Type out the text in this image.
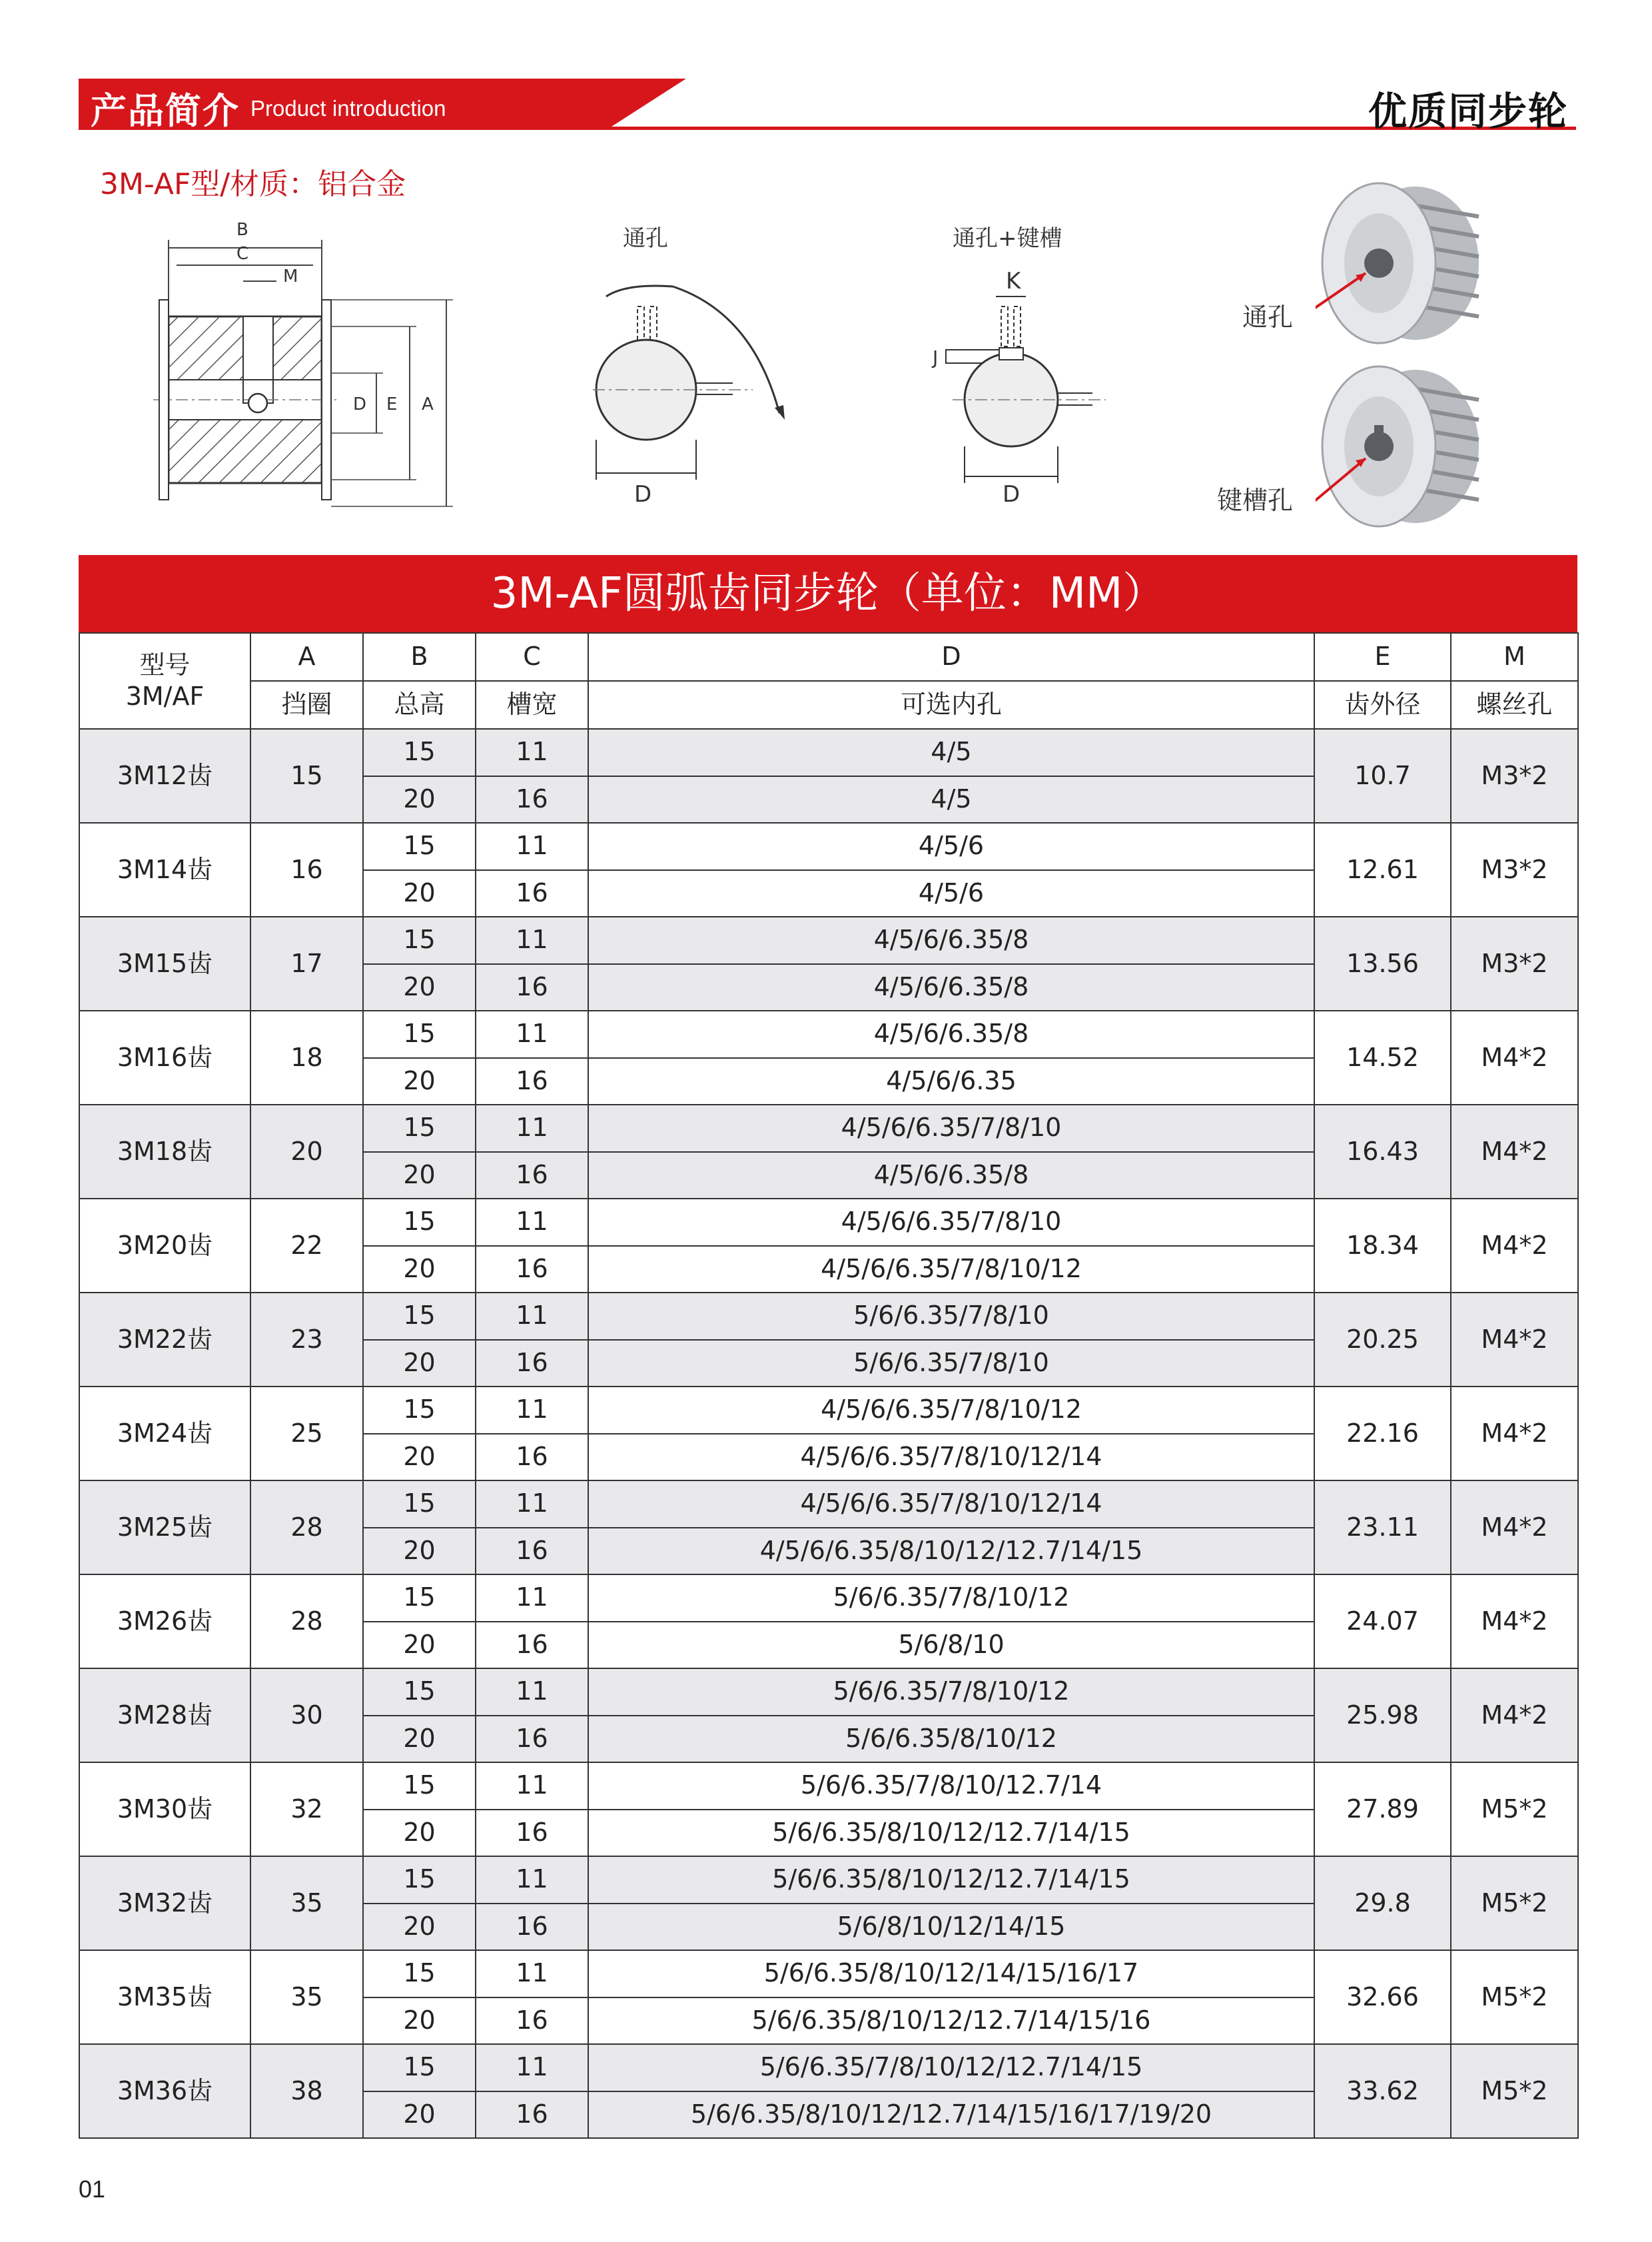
产品简介 Product introduction	优质同步轮
3M-AF型/材质：铝合金
B
C
M
D E A
通孔
D
通孔+键槽
K
J
D
通孔
键槽孔
3M-AF圆弧齿同步轮（单位：MM）
型号
3M/AF	A	B	C	D	E	M
	挡圈	总高	槽宽	可选内孔	齿外径	螺丝孔
3M12齿	15	15	11	4/5	10.7	M3*2
		20	16	4/5		
3M14齿	16	15	11	4/5/6	12.61	M3*2
		20	16	4/5/6		
3M15齿	17	15	11	4/5/6/6.35/8	13.56	M3*2
		20	16	4/5/6/6.35/8		
3M16齿	18	15	11	4/5/6/6.35/8	14.52	M4*2
		20	16	4/5/6/6.35		
3M18齿	20	15	11	4/5/6/6.35/7/8/10	16.43	M4*2
		20	16	4/5/6/6.35/8		
3M20齿	22	15	11	4/5/6/6.35/7/8/10	18.34	M4*2
		20	16	4/5/6/6.35/7/8/10/12		
3M22齿	23	15	11	5/6/6.35/7/8/10	20.25	M4*2
		20	16	5/6/6.35/7/8/10		
3M24齿	25	15	11	4/5/6/6.35/7/8/10/12	22.16	M4*2
		20	16	4/5/6/6.35/7/8/10/12/14		
3M25齿	28	15	11	4/5/6/6.35/7/8/10/12/14	23.11	M4*2
		20	16	4/5/6/6.35/8/10/12/12.7/14/15		
3M26齿	28	15	11	5/6/6.35/7/8/10/12	24.07	M4*2
		20	16	5/6/8/10		
3M28齿	30	15	11	5/6/6.35/7/8/10/12	25.98	M4*2
		20	16	5/6/6.35/8/10/12		
3M30齿	32	15	11	5/6/6.35/7/8/10/12.7/14	27.89	M5*2
		20	16	5/6/6.35/8/10/12/12.7/14/15		
3M32齿	35	15	11	5/6/6.35/8/10/12/12.7/14/15	29.8	M5*2
		20	16	5/6/8/10/12/14/15		
3M35齿	35	15	11	5/6/6.35/8/10/12/14/15/16/17	32.66	M5*2
		20	16	5/6/6.35/8/10/12/12.7/14/15/16		
3M36齿	38	15	11	5/6/6.35/7/8/10/12/12.7/14/15	33.62	M5*2
		20	16	5/6/6.35/8/10/12/12.7/14/15/16/17/19/20		
01
